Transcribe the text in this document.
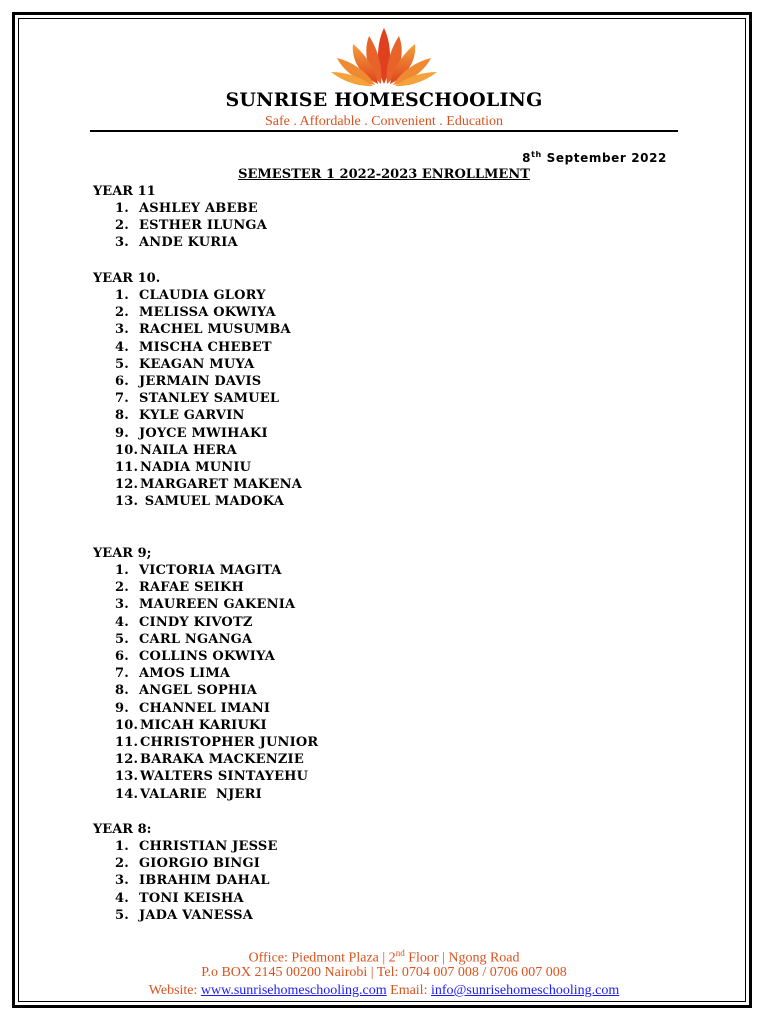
SUNRISE HOMESCHOOLING
Safe . Affordable . Convenient . Education
8th September 2022
SEMESTER 1 2022-2023 ENROLLMENT
YEAR 11
1. ASHLEY ABEBE
2. ESTHER ILUNGA
3. ANDE KURIA
YEAR 10.
1. CLAUDIA GLORY
2. MELISSA OKWIYA
3. RACHEL MUSUMBA
4. MISCHA CHEBET
5. KEAGAN MUYA
6. JERMAIN DAVIS
7. STANLEY SAMUEL
8. KYLE GARVIN
9. JOYCE MWIHAKI
10. NAILA HERA
11. NADIA MUNIU
12. MARGARET MAKENA
13. SAMUEL MADOKA
YEAR 9;
1. VICTORIA MAGITA
2. RAFAE SEIKH
3. MAUREEN GAKENIA
4. CINDY KIVOTZ
5. CARL NGANGA
6. COLLINS OKWIYA
7. AMOS LIMA
8. ANGEL SOPHIA
9. CHANNEL IMANI
10. MICAH KARIUKI
11. CHRISTOPHER JUNIOR
12. BARAKA MACKENZIE
13. WALTERS SINTAYEHU
14. VALARIE  NJERI
YEAR 8:
1. CHRISTIAN JESSE
2. GIORGIO BINGI
3. IBRAHIM DAHAL
4. TONI KEISHA
5. JADA VANESSA
Office: Piedmont Plaza | 2nd Floor | Ngong Road
P.o BOX 2145 00200 Nairobi | Tel: 0704 007 008 / 0706 007 008
Website: www.sunrisehomeschooling.com Email: info@sunrisehomeschooling.com
